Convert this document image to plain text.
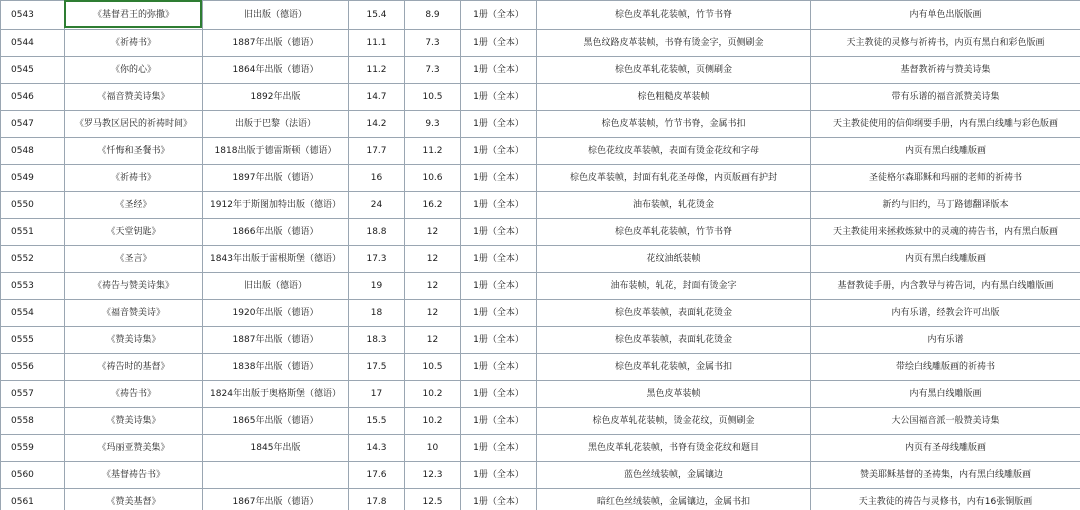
0543	《基督君王的弥撒》	旧出版（德语）	15.4	8.9	1册（全本）	棕色皮革轧花装帧，竹节书脊	内有单色出版版画
0544	《祈祷书》	1887年出版（德语）	11.1	7.3	1册（全本）	黑色纹路皮革装帧，书脊有烫金字，页侧刷金	天主教徒的灵修与祈祷书，内页有黑白和彩色版画
0545	《你的心》	1864年出版（德语）	11.2	7.3	1册（全本）	棕色皮革轧花装帧，页侧刷金	基督教祈祷与赞美诗集
0546	《福音赞美诗集》	1892年出版	14.7	10.5	1册（全本）	棕色粗糙皮革装帧	带有乐谱的福音派赞美诗集
0547	《罗马教区居民的祈祷时间》	出版于巴黎（法语）	14.2	9.3	1册（全本）	棕色皮革装帧，竹节书脊，金属书扣	天主教徒使用的信仰纲要手册，内有黑白线雕与彩色版画
0548	《忏悔和圣餐书》	1818出版于德雷斯顿（德语）	17.7	11.2	1册（全本）	棕色花纹皮革装帧，表面有烫金花纹和字母	内页有黑白线雕版画
0549	《祈祷书》	1897年出版（德语）	16	10.6	1册（全本）	棕色皮革装帧，封面有轧花圣母像，内页版画有护封	圣徒格尔森耶稣和玛丽的老师的祈祷书
0550	《圣经》	1912年于斯图加特出版（德语）	24	16.2	1册（全本）	油布装帧，轧花烫金	新约与旧约，马丁路德翻译版本
0551	《天堂钥匙》	1866年出版（德语）	18.8	12	1册（全本）	棕色皮革轧花装帧，竹节书脊	天主教徒用来拯救炼狱中的灵魂的祷告书，内有黑白版画
0552	《圣言》	1843年出版于雷根斯堡（德语）	17.3	12	1册（全本）	花纹油纸装帧	内页有黑白线雕版画
0553	《祷告与赞美诗集》	旧出版（德语）	19	12	1册（全本）	油布装帧，轧花，封面有烫金字	基督教徒手册，内含教导与祷告词，内有黑白线雕版画
0554	《福音赞美诗》	1920年出版（德语）	18	12	1册（全本）	棕色皮革装帧，表面轧花烫金	内有乐谱，经教会许可出版
0555	《赞美诗集》	1887年出版（德语）	18.3	12	1册（全本）	棕色皮革装帧，表面轧花烫金	内有乐谱
0556	《祷告时的基督》	1838年出版（德语）	17.5	10.5	1册（全本）	棕色皮革轧花装帧，金属书扣	带绘白线雕版画的祈祷书
0557	《祷告书》	1824年出版于奥格斯堡（德语）	17	10.2	1册（全本）	黑色皮革装帧	内有黑白线雕版画
0558	《赞美诗集》	1865年出版（德语）	15.5	10.2	1册（全本）	棕色皮革轧花装帧，烫金花纹，页侧刷金	大公国福音派一般赞美诗集
0559	《玛丽亚赞美集》	1845年出版	14.3	10	1册（全本）	黑色皮革轧花装帧，书脊有烫金花纹和题目	内页有圣母线雕版画
0560	《基督祷告书》		17.6	12.3	1册（全本）	蓝色丝绒装帧，金属镶边	赞美耶稣基督的圣祷集，内有黑白线雕版画
0561	《赞美基督》	1867年出版（德语）	17.8	12.5	1册（全本）	暗红色丝绒装帧，金属镶边，金属书扣	天主教徒的祷告与灵修书，内有16张铜版画
